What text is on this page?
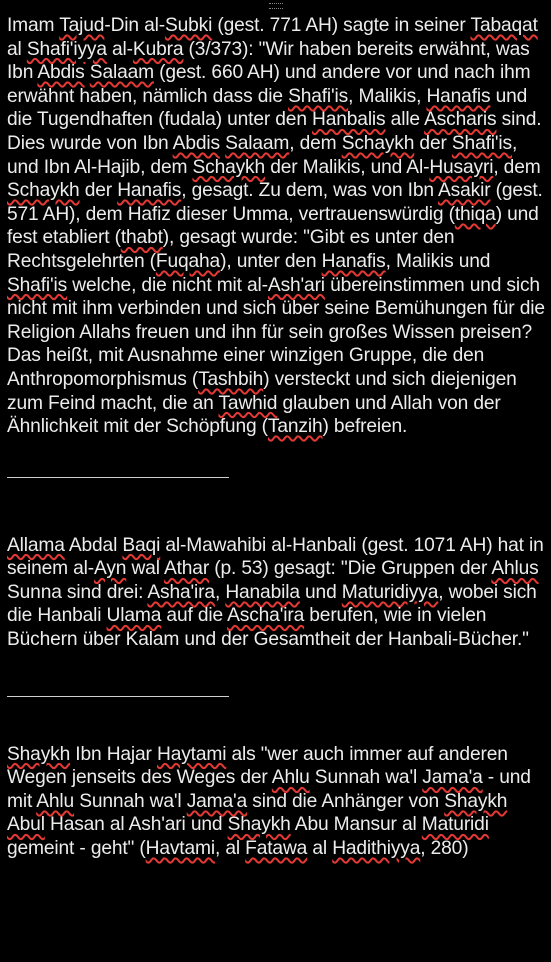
Imam Tajud-Din al-Subki (gest. 771 AH) sagte in seiner Tabaqat al Shafi'iyya al-Kubra (3/373): "Wir haben bereits erwähnt, was Ibn Abdis Salaam (gest. 660 AH) und andere vor und nach ihm erwähnt haben, nämlich dass die Shafi'is, Malikis, Hanafis und die Tugendhaften (fudala) unter den Hanbalis alle Ascharis sind. Dies wurde von Ibn Abdis Salaam, dem Schaykh der Shafi'is, und Ibn Al-Hajib, dem Schaykh der Malikis, und Al-Husayri, dem Schaykh der Hanafis, gesagt. Zu dem, was von Ibn Asakir (gest. 571 AH), dem Hafiz dieser Umma, vertrauenswürdig (thiqa) und fest etabliert (thabt), gesagt wurde: "Gibt es unter den Rechtsgelehrten (Fuqaha), unter den Hanafis, Malikis und Shafi'is welche, die nicht mit al-Ash'ari übereinstimmen und sich nicht mit ihm verbinden und sich über seine Bemühungen für die Religion Allahs freuen und ihn für sein großes Wissen preisen? Das heißt, mit Ausnahme einer winzigen Gruppe, die den Anthropomorphismus (Tashbih) versteckt und sich diejenigen zum Feind macht, die an Tawhid glauben und Allah von der Ähnlichkeit mit der Schöpfung (Tanzih) befreien.

Allama Abdal Baqi al-Mawahibi al-Hanbali (gest. 1071 AH) hat in seinem al-Ayn wal Athar (p. 53) gesagt: "Die Gruppen der Ahlus Sunna sind drei: Asha'ira, Hanabila und Maturidiyya, wobei sich die Hanbali Ulama auf die Ascha'ira berufen, wie in vielen Büchern über Kalam und der Gesamtheit der Hanbali-Bücher."

Shaykh Ibn Hajar Haytami als "wer auch immer auf anderen Wegen jenseits des Weges der Ahlu Sunnah wa'l Jama'a - und mit Ahlu Sunnah wa'l Jama'a sind die Anhänger von Shaykh Abul Hasan al Ash'ari und Shaykh Abu Mansur al Maturidi gemeint - geht" (Havtami, al Fatawa al Hadithiyya, 280)
